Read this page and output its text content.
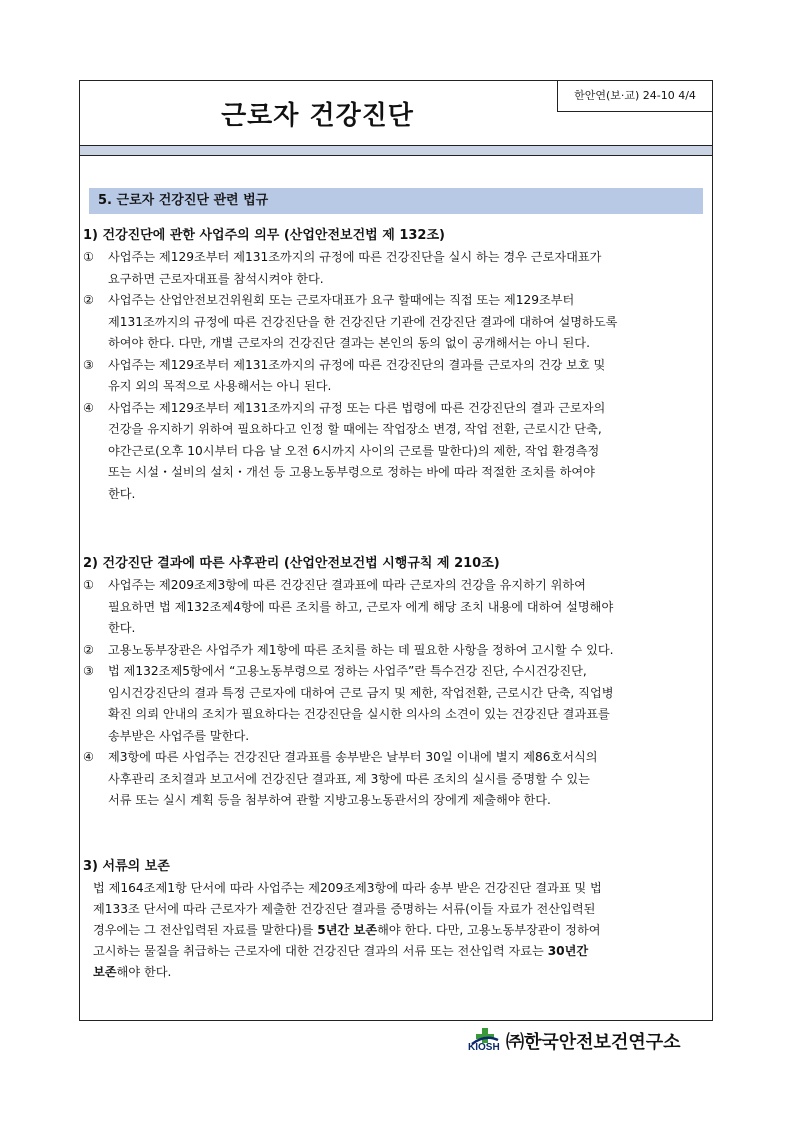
근로자 건강진단
한안연(보·교) 24-10 4/4
5. 근로자 건강진단 관련 법규

1) 건강진단에 관한 사업주의 의무 (산업안전보건법 제 132조)

① 사업주는 제129조부터 제131조까지의 규정에 따른 건강진단을 실시 하는 경우 근로자대표가
요구하면 근로자대표를 참석시켜야 한다.

② 사업주는 산업안전보건위원회 또는 근로자대표가 요구 할때에는 직접 또는 제129조부터
제131조까지의 규정에 따른 건강진단을 한 건강진단 기관에 건강진단 결과에 대하여 설명하도록
하여야 한다. 다만, 개별 근로자의 건강진단 결과는 본인의 동의 없이 공개해서는 아니 된다.

③ 사업주는 제129조부터 제131조까지의 규정에 따른 건강진단의 결과를 근로자의 건강 보호 및
유지 외의 목적으로 사용해서는 아니 된다.

④ 사업주는 제129조부터 제131조까지의 규정 또는 다른 법령에 따른 건강진단의 결과 근로자의
건강을 유지하기 위하여 필요하다고 인정 할 때에는 작업장소 변경, 작업 전환, 근로시간 단축,
야간근로(오후 10시부터 다음 날 오전 6시까지 사이의 근로를 말한다)의 제한, 작업 환경측정
또는 시설・설비의 설치・개선 등 고용노동부령으로 정하는 바에 따라 적절한 조치를 하여야
한다.

2) 건강진단 결과에 따른 사후관리 (산업안전보건법 시행규칙 제 210조)

① 사업주는 제209조제3항에 따른 건강진단 결과표에 따라 근로자의 건강을 유지하기 위하여
필요하면 법 제132조제4항에 따른 조치를 하고, 근로자 에게 해당 조치 내용에 대하여 설명해야
한다.

② 고용노동부장관은 사업주가 제1항에 따른 조치를 하는 데 필요한 사항을 정하여 고시할 수 있다.

③ 법 제132조제5항에서 “고용노동부령으로 정하는 사업주”란 특수건강 진단, 수시건강진단,
임시건강진단의 결과 특정 근로자에 대하여 근로 금지 및 제한, 작업전환, 근로시간 단축, 직업병
확진 의뢰 안내의 조치가 필요하다는 건강진단을 실시한 의사의 소견이 있는 건강진단 결과표를
송부받은 사업주를 말한다.

④ 제3항에 따른 사업주는 건강진단 결과표를 송부받은 날부터 30일 이내에 별지 제86호서식의
사후관리 조치결과 보고서에 건강진단 결과표, 제 3항에 따른 조치의 실시를 증명할 수 있는
서류 또는 실시 계획 등을 첨부하여 관할 지방고용노동관서의 장에게 제출해야 한다.

3) 서류의 보존

법 제164조제1항 단서에 따라 사업주는 제209조제3항에 따라 송부 받은 건강진단 결과표 및 법
제133조 단서에 따라 근로자가 제출한 건강진단 결과를 증명하는 서류(이들 자료가 전산입력된
경우에는 그 전산입력된 자료를 말한다)를 5년간 보존해야 한다. 다만, 고용노동부장관이 정하여
고시하는 물질을 취급하는 근로자에 대한 건강진단 결과의 서류 또는 전산입력 자료는 30년간
보존해야 한다.

KIOSH ㈜한국안전보건연구소
